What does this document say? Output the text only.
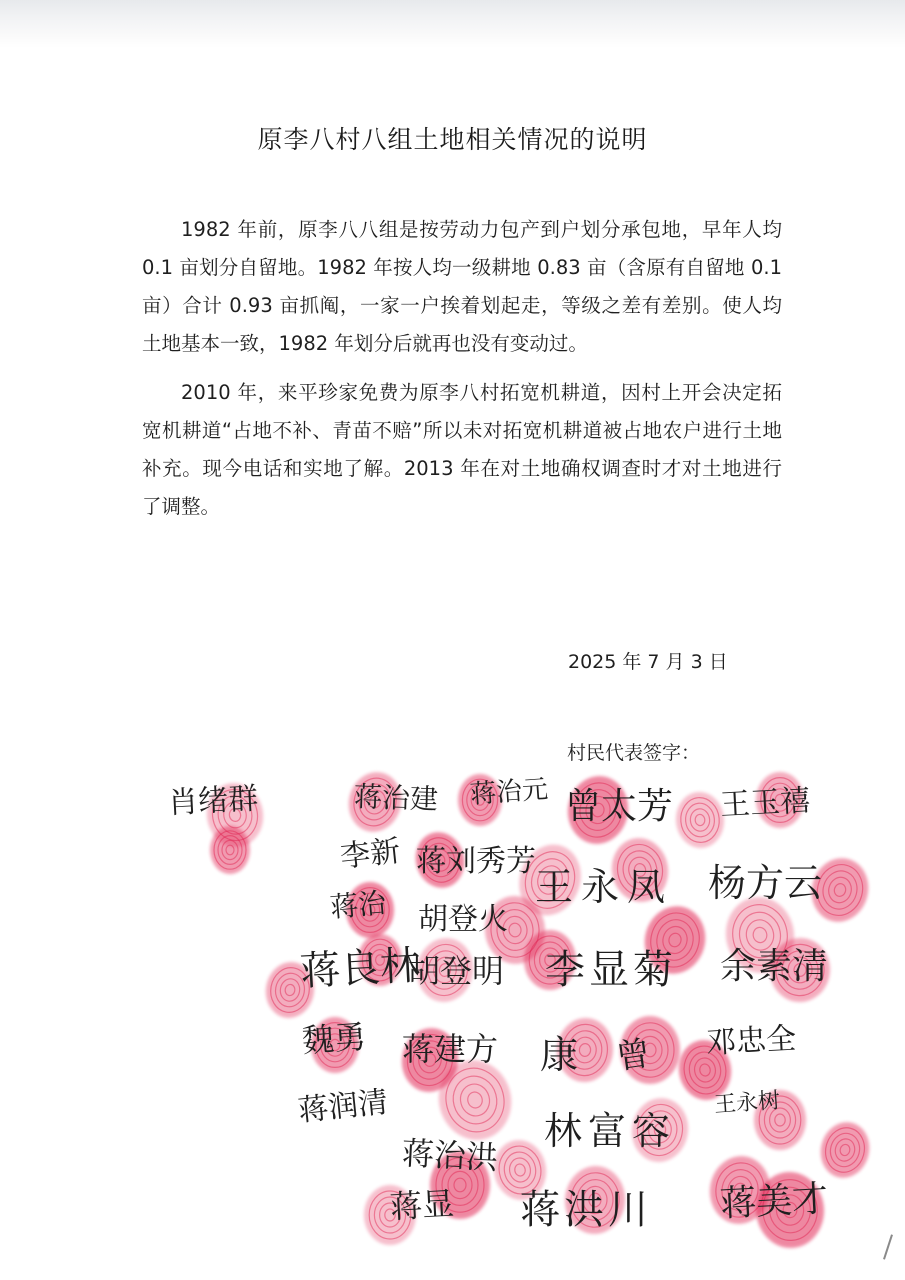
原李八村八组土地相关情况的说明

1982 年前，原李八八组是按劳动力包产到户划分承包地，早年人均 0.1 亩划分自留地。1982 年按人均一级耕地 0.83 亩（含原有自留地 0.1 亩）合计 0.93 亩抓阄，一家一户挨着划起走，等级之差有差别。使人均土地基本一致，1982 年划分后就再也没有变动过。

2010 年，来平珍家免费为原李八村拓宽机耕道，因村上开会决定拓宽机耕道“占地不补、青苗不赔”所以未对拓宽机耕道被占地农户进行土地补充。现今电话和实地了解。2013 年在对土地确权调查时才对土地进行了调整。

2025 年 7 月 3 日
村民代表签字：
肖绪群	蒋治建 蒋治元 曾太芳 王玉禧
李新 蒋刘秀芳
王永凤 杨方云
蒋治 胡登火
蒋良林
胡登明 李显菊 余素清
魏勇 蒋建方 康 曾 邓忠全
蒋润清
蒋治洪
林富容
王永树
蒋显 蒋洪川 蒋美才
